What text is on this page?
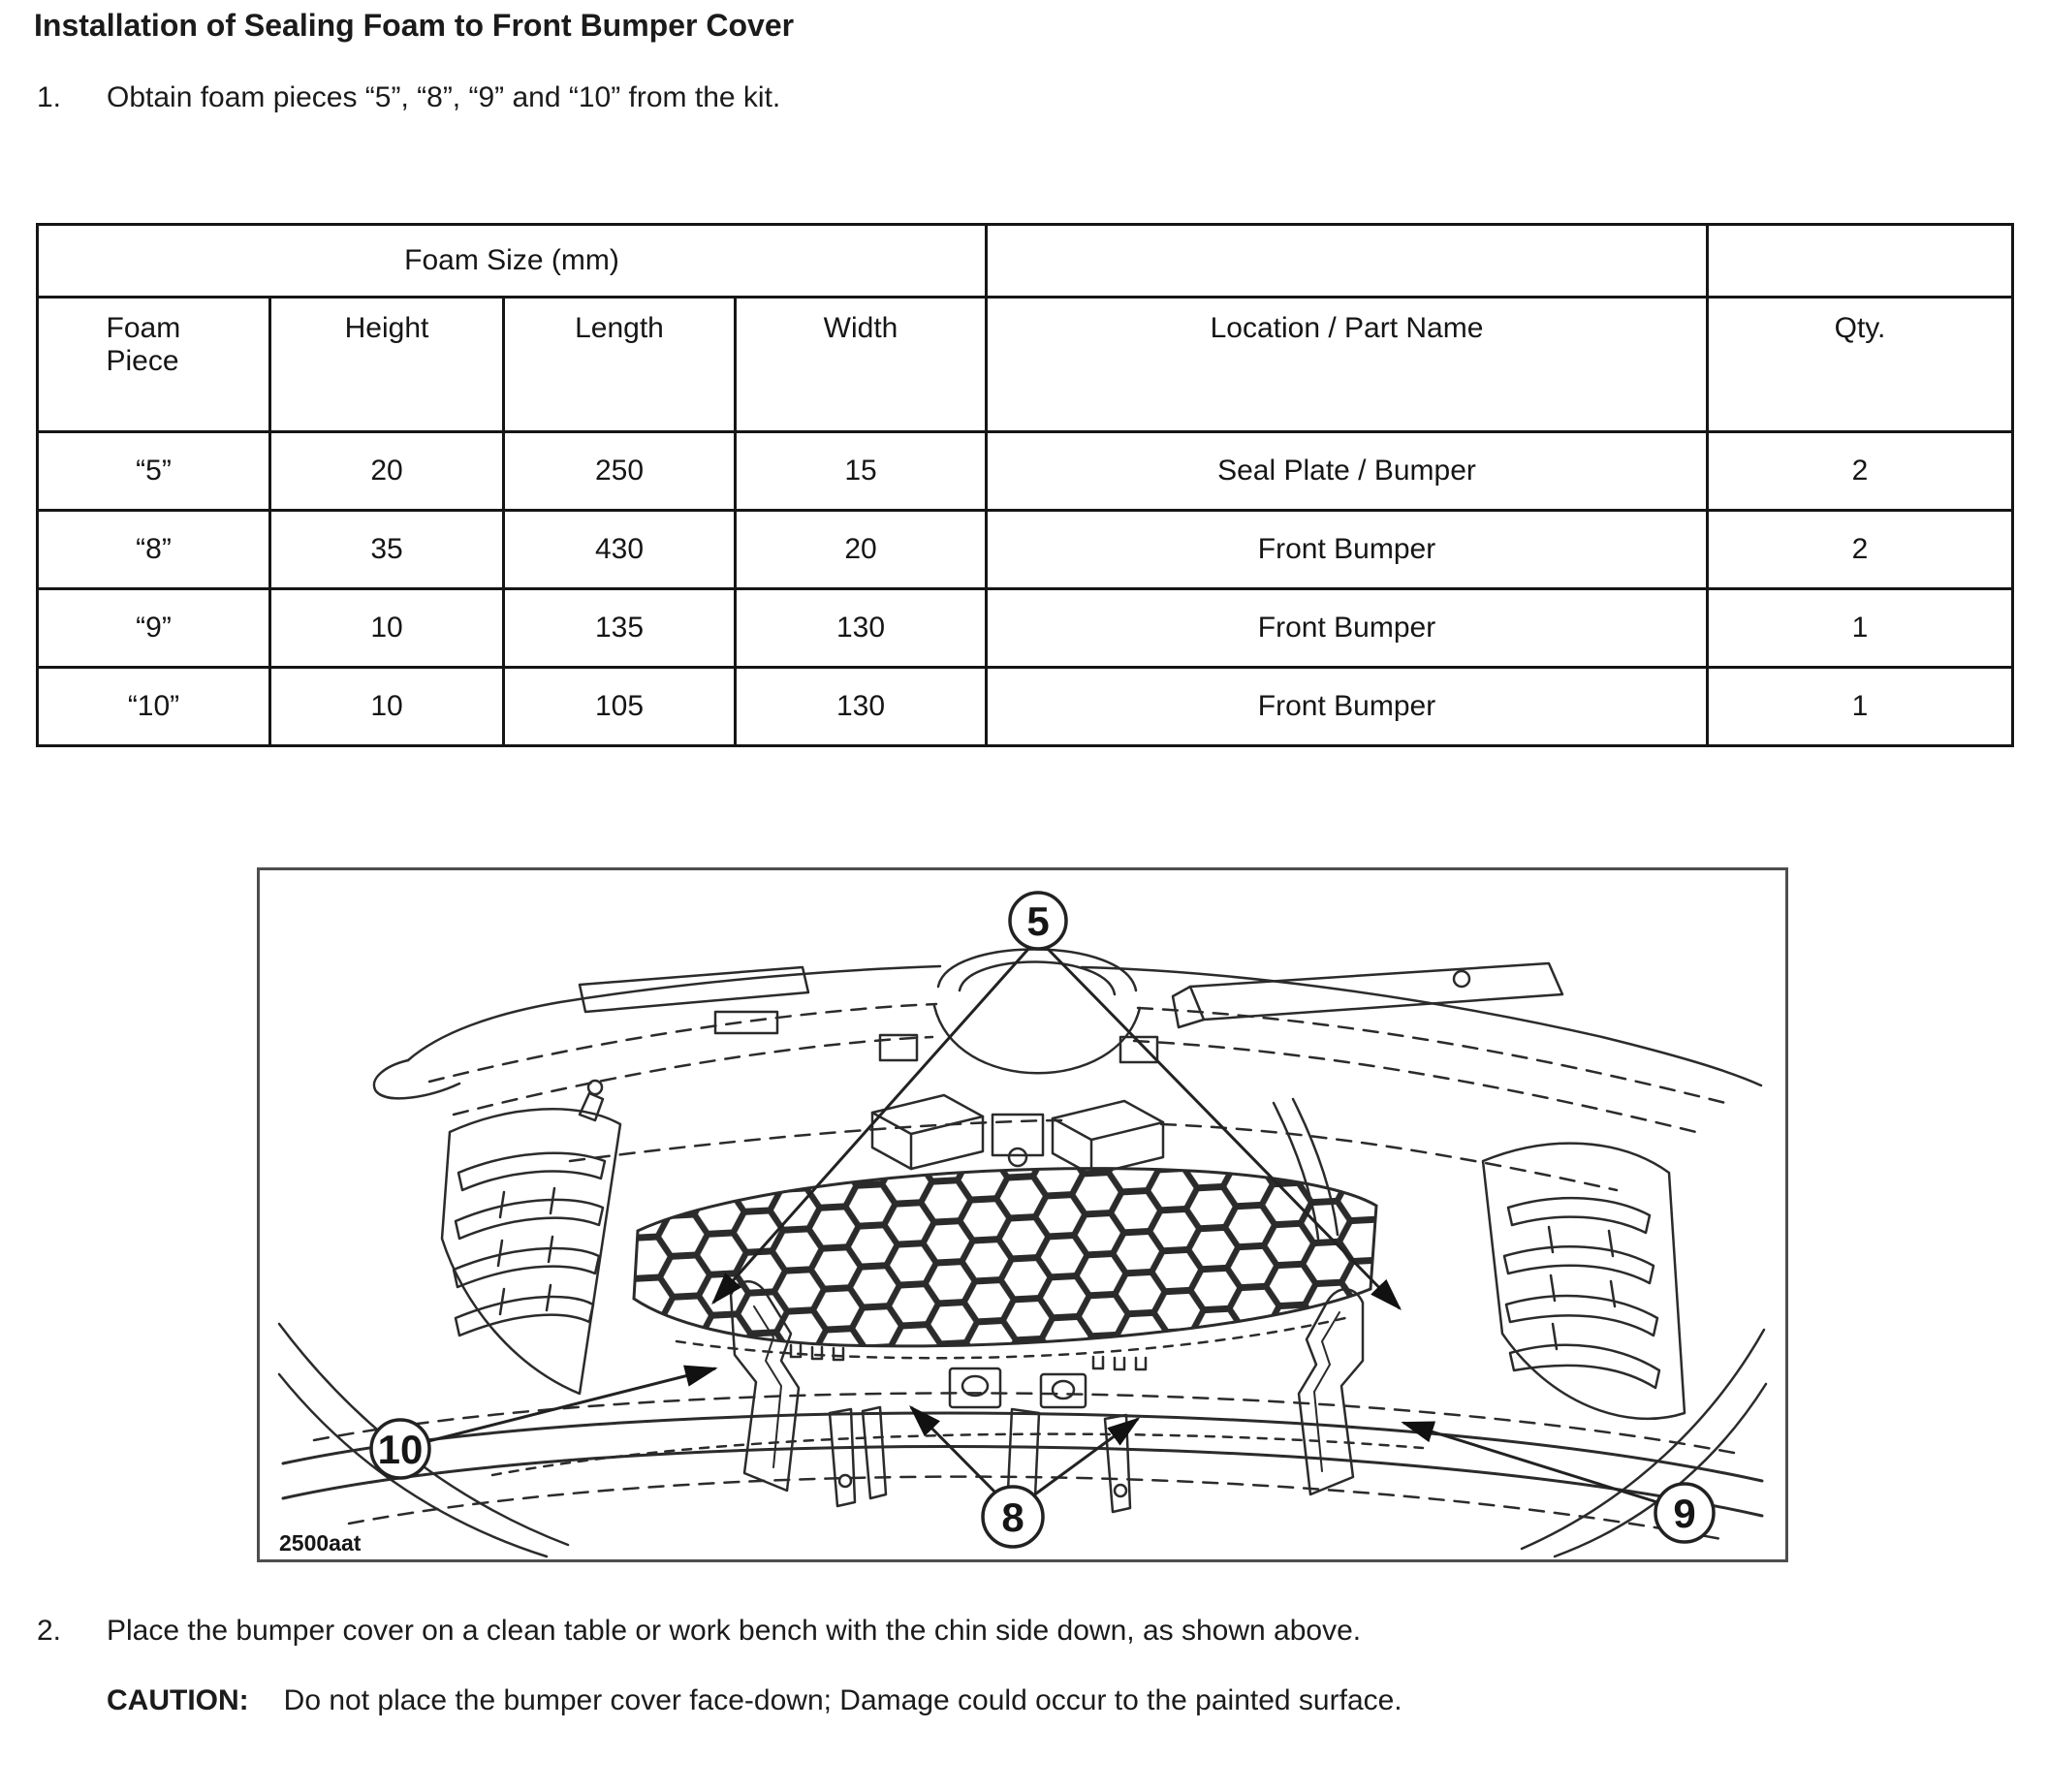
Installation of Sealing Foam to Front Bumper Cover
1.	Obtain foam pieces “5”, “8”, “9” and “10” from the kit.
Foam Size (mm)					
Foam Piece	Height	Length	Width	Location / Part Name	Qty.
“5”	20	250	15	Seal Plate / Bumper	2
“8”	35	430	20	Front Bumper	2
“9”	10	135	130	Front Bumper	1
“10”	10	105	130	Front Bumper	1
5
8	9
10
2500aat
2.	Place the bumper cover on a clean table or work bench with the chin side down, as shown above.
CAUTION: Do not place the bumper cover face-down; Damage could occur to the painted surface.
